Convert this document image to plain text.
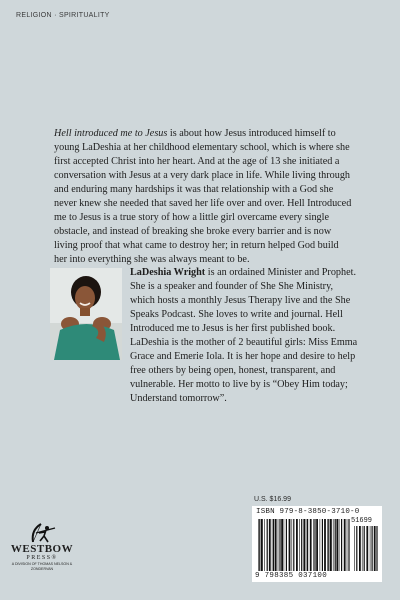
RELIGION · SPIRITUALITY

Hell introduced me to Jesus is about how Jesus introduced himself to young LaDeshia at her childhood elementary school, which is where she first accepted Christ into her heart. And at the age of 13 she initiated a conversation with Jesus at a very dark place in life. While living through and enduring many hardships it was that relationship with a God she never knew she needed that saved her life over and over. Hell Introduced me to Jesus is a true story of how a little girl overcame every single obstacle, and instead of breaking she broke every barrier and is now living proof that what came to destroy her; in return helped God build her into everything she was always meant to be.

LaDeshia Wright is an ordained Minister and Prophet. She is a speaker and founder of She She Ministry, which hosts a monthly Jesus Therapy live and the She Speaks Podcast. She loves to write and journal. Hell Introduced me to Jesus is her first published book. LaDeshia is the mother of 2 beautiful girls: Miss Emma Grace and Emerie Iola. It is her hope and desire to help free others by being open, honest, transparent, and vulnerable. Her motto to live by is “Obey Him today; Understand tomorrow”.

U.S. $16.99
ISBN 979-8-3850-3710-0
51699
9 798385 037100
WESTBOW
PRESS®
A DIVISION OF THOMAS NELSON & ZONDERVAN
